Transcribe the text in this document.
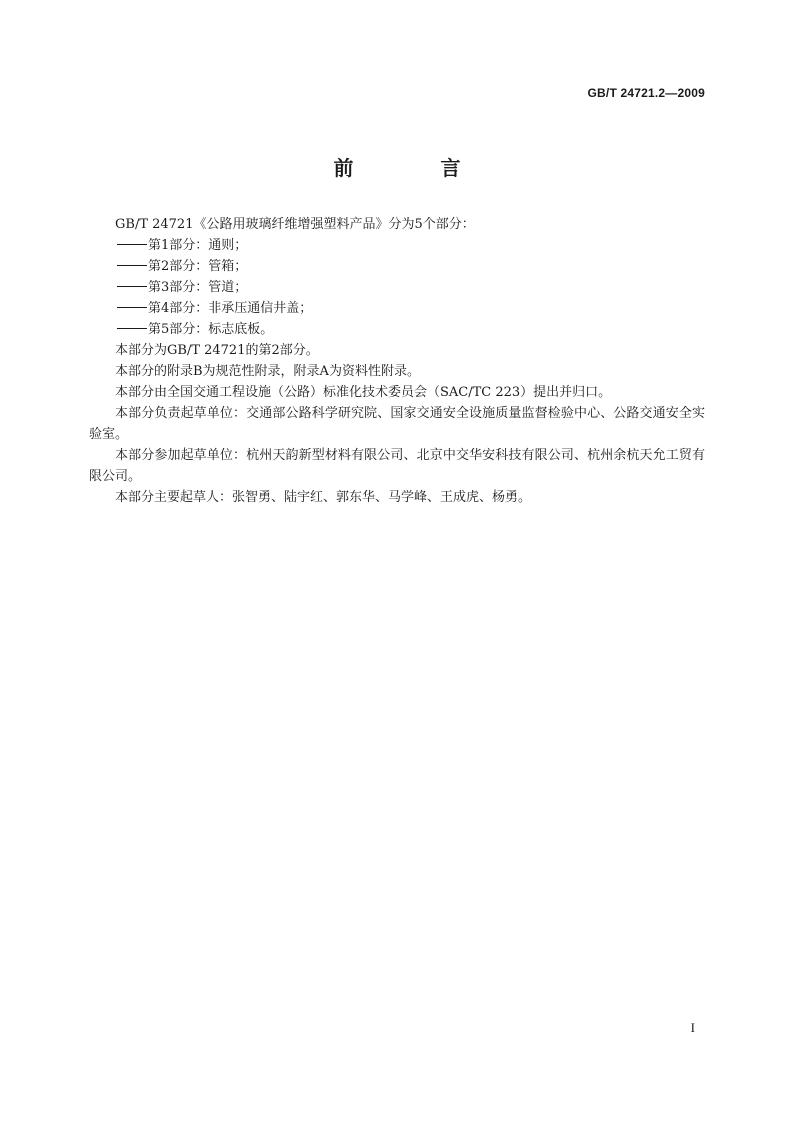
GB/T 24721.2—2009
前 言

GB/T 24721《公路用玻璃纤维增强塑料产品》分为5个部分：

第1部分：通则；

第2部分：管箱；

第3部分：管道；

第4部分：非承压通信井盖；

第5部分：标志底板。

本部分为GB/T 24721的第2部分。

本部分的附录B为规范性附录，附录A为资料性附录。

本部分由全国交通工程设施（公路）标准化技术委员会（SAC/TC 223）提出并归口。

本部分负责起草单位：交通部公路科学研究院、国家交通安全设施质量监督检验中心、公路交通安全实验室。

本部分参加起草单位：杭州天韵新型材料有限公司、北京中交华安科技有限公司、杭州余杭天允工贸有限公司。

本部分主要起草人：张智勇、陆宇红、郭东华、马学峰、王成虎、杨勇。

I
